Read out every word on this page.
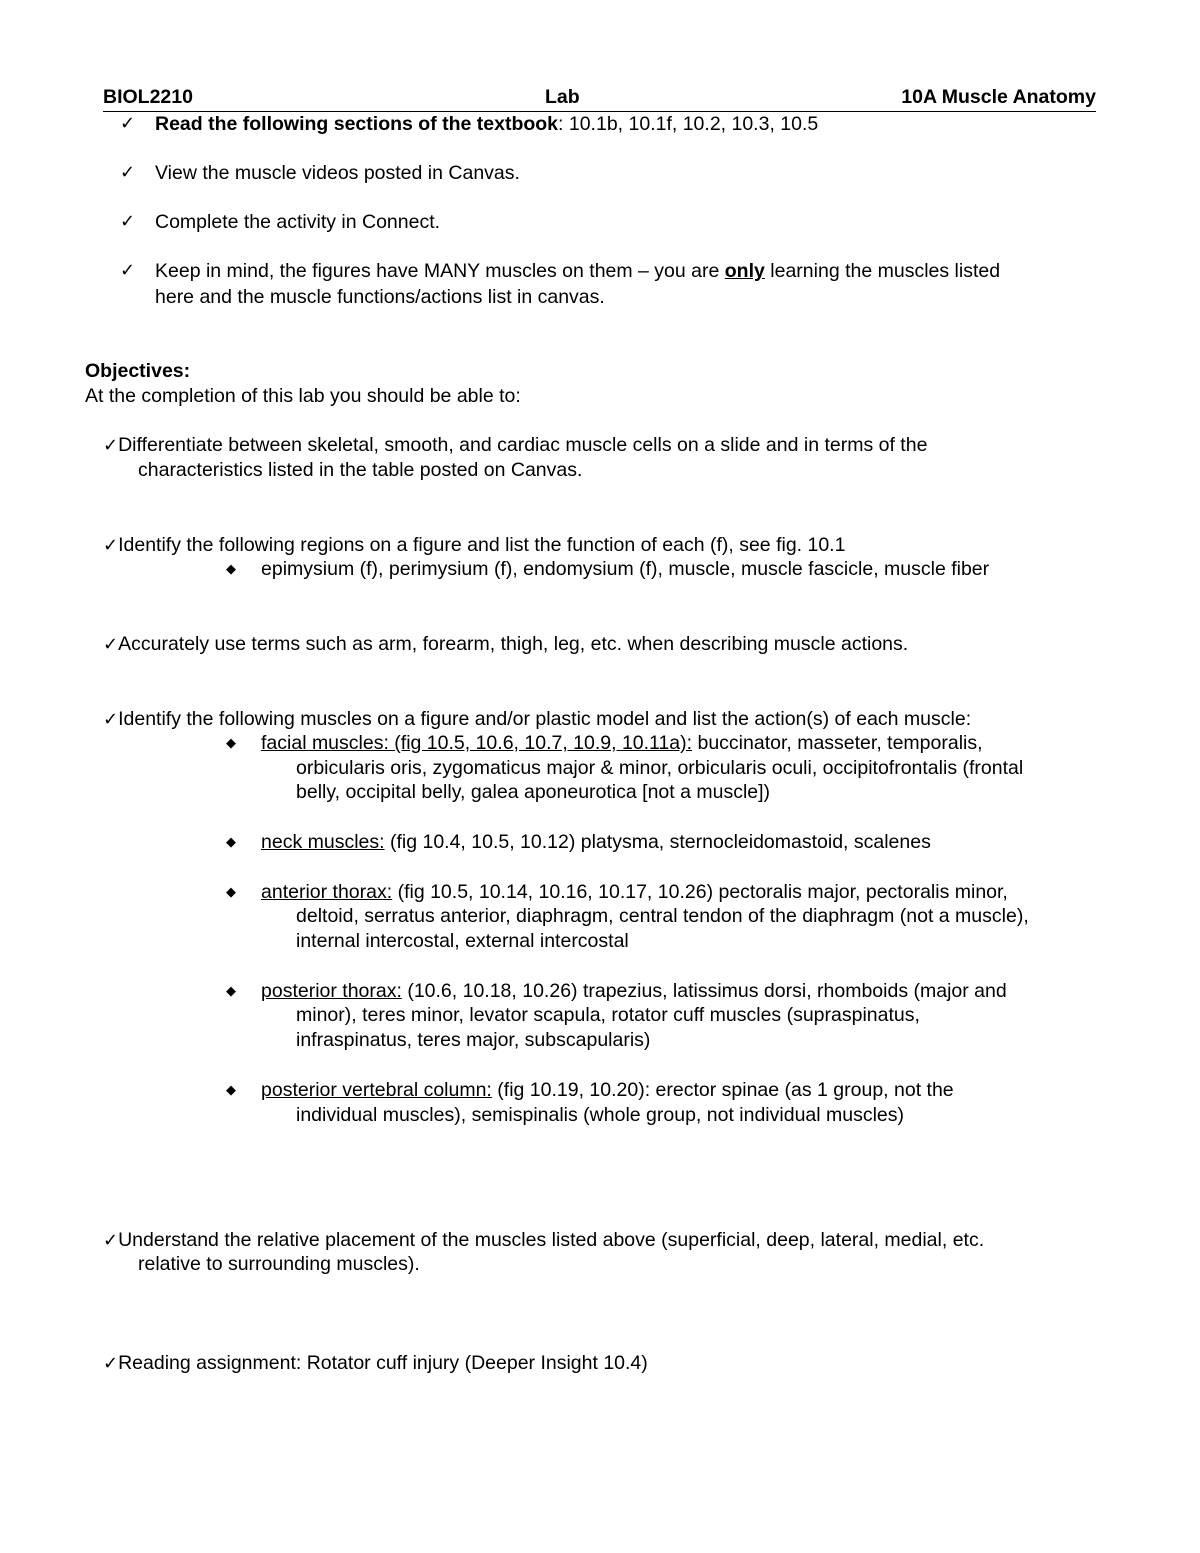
BIOL2210	Lab	10A Muscle Anatomy
✓ Read the following sections of the textbook: 10.1b, 10.1f, 10.2, 10.3, 10.5
✓ View the muscle videos posted in Canvas.
✓ Complete the activity in Connect.
✓ Keep in mind, the figures have MANY muscles on them – you are only learning the muscles listed
here and the muscle functions/actions list in canvas.
Objectives:
At the completion of this lab you should be able to:
✓Differentiate between skeletal, smooth, and cardiac muscle cells on a slide and in terms of the
characteristics listed in the table posted on Canvas.
✓Identify the following regions on a figure and list the function of each (f), see fig. 10.1
◆ epimysium (f), perimysium (f), endomysium (f), muscle, muscle fascicle, muscle fiber
✓Accurately use terms such as arm, forearm, thigh, leg, etc. when describing muscle actions.
✓Identify the following muscles on a figure and/or plastic model and list the action(s) of each muscle:
◆ facial muscles: (fig 10.5, 10.6, 10.7, 10.9, 10.11a): buccinator, masseter, temporalis,
orbicularis oris, zygomaticus major & minor, orbicularis oculi, occipitofrontalis (frontal
belly, occipital belly, galea aponeurotica [not a muscle])
◆ neck muscles: (fig 10.4, 10.5, 10.12) platysma, sternocleidomastoid, scalenes
◆ anterior thorax: (fig 10.5, 10.14, 10.16, 10.17, 10.26) pectoralis major, pectoralis minor,
deltoid, serratus anterior, diaphragm, central tendon of the diaphragm (not a muscle),
internal intercostal, external intercostal
◆ posterior thorax: (10.6, 10.18, 10.26) trapezius, latissimus dorsi, rhomboids (major and
minor), teres minor, levator scapula, rotator cuff muscles (supraspinatus,
infraspinatus, teres major, subscapularis)
◆ posterior vertebral column: (fig 10.19, 10.20): erector spinae (as 1 group, not the
individual muscles), semispinalis (whole group, not individual muscles)
✓Understand the relative placement of the muscles listed above (superficial, deep, lateral, medial, etc.
relative to surrounding muscles).
✓Reading assignment: Rotator cuff injury (Deeper Insight 10.4)
